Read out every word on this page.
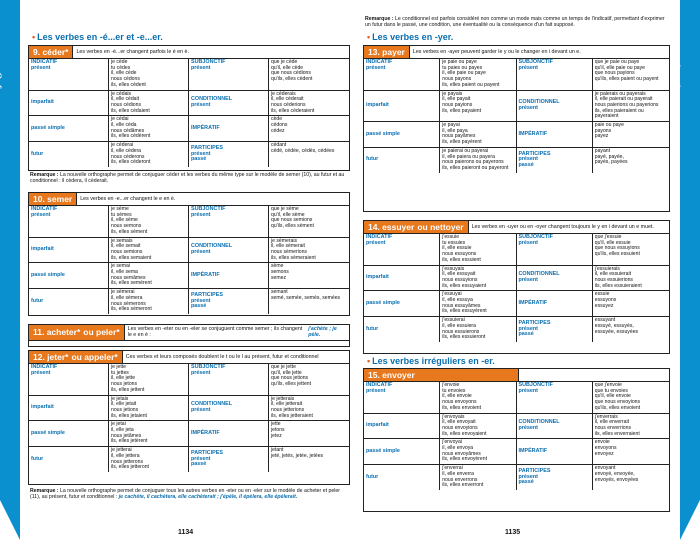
Conjugaisons
• Les verbes en -é...er et -e...er.
9. céder* Les verbes en -é...er changent parfois le é en è.
INDICATIF
présent
je cède
tu cèdes
il, elle cède
nous cédons
ils, elles cèdent
SUBJONCTIF
présent
que je cède
qu'il, elle cède
que nous cédions
qu'ils, elles cèdent
imparfait
je cédais
il, elle cédait
nous cédions
ils, elles cédaient
CONDITIONNEL
présent
je céderais
il, elle céderait
nous céderions
ils, elles céderaient
passé simple
je cédai
il, elle céda
nous cédâmes
ils, elles cédèrent
IMPÉRATIF
cède
cédons
cédez
futur
je céderai
il, elle cédera
nous céderons
ils, elles céderont
PARTICIPES
présent
passé
cédant
cédé, cédée, cédés, cédées
Remarque : La nouvelle orthographe permet de conjuguer céder et les verbes du même type sur le modèle de semer (10), au futur et au conditionnel : il cèdera, il cèderait.
10. semer Les verbes en -e...er changent le e en è.
INDICATIF
présent
je sème
tu sèmes
il, elle sème
nous semons
ils, elles sèment
SUBJONCTIF
présent
que je sème
qu'il, elle sème
que nous semions
qu'ils, elles sèment
imparfait
je semais
il, elle semait
nous semions
ils, elles semaient
CONDITIONNEL
présent
je sèmerais
il, elle sèmerait
nous sèmerions
ils, elles sèmeraient
passé simple
je semai
il, elle sema
nous semâmes
ils, elles semèrent
IMPÉRATIF
sème
semons
semez
futur
je sèmerai
il, elle sèmera
nous sèmerons
ils, elles sèmeront
PARTICIPES
présent
passé
semant
semé, semée, semés, semées
11. acheter* ou peler* Les verbes en -eter ou en -eler se conjuguent comme semer ; ils changent le e en è :
j'achète ; je pèle.
12. jeter* ou appeler* Ces verbes et leurs composés doublent le t ou le l au présent, futur et conditionnel
INDICATIF
présent
je jette
tu jettes
il, elle jette
nous jetons
ils, elles jettent
SUBJONCTIF
présent
que je jette
qu'il, elle jette
que nous jetions
qu'ils, elles jettent
imparfait
je jetais
il, elle jetait
nous jetions
ils, elles jetaient
CONDITIONNEL
présent
je jetterais
il, elle jetterait
nous jetterions
ils, elles jetteraient
passé simple
je jetai
il, elle jeta
nous jetâmes
ils, elles jetèrent
IMPÉRATIF
jette
jetons
jetez
futur
je jetterai
il, elle jettera
nous jetterons
ils, elles jetteront
PARTICIPES
présent
passé
jetant
jeté, jetés, jetée, jetées
Remarque : La nouvelle orthographe permet de conjuguer tous les autres verbes en -eter ou en -eler sur le modèle de acheter et peler (11), au présent, futur et conditionnel : je cachète, il cachètera, elle cachèterait ; j'épèle, il épèlera, elle épèlerait.
1134
Remarque : Le conditionnel est parfois considéré non comme un mode mais comme un temps de l'indicatif, permettant d'exprimer un futur dans le passé, une condition, une éventualité ou la conséquence d'un fait supposé.
• Les verbes en -yer.
13. payer Les verbes en -ayer peuvent garder le y ou le changer en i devant un e.
INDICATIF
présent
je paie ou paye
tu paies ou payes
il, elle paie ou paye
nous payons
ils, elles paient ou payent
SUBJONCTIF
présent
que je paie ou paye
qu'il, elle paie ou paye
que nous payions
qu'ils, elles paient ou payent
imparfait
je payais
il, elle payait
nous payions
ils, elles payaient
CONDITIONNEL
présent
je paierais ou payerais
il, elle paierait ou payerait
nous paierions ou payerions
ils, elles paieraient ou payeraient
passé simple
je payai
il, elle paya
nous payâmes
ils, elles payèrent
IMPÉRATIF
paie ou paye
payons
payez
futur
je paierai ou payerai
il, elle paiera ou payera
nous paierons ou payerons
ils, elles paieront ou payeront
PARTICIPES
présent
passé
payant
payé, payée,
payés, payées
14. essuyer ou nettoyer Les verbes en -uyer ou en -oyer changent toujours le y en i devant un e muet.
INDICATIF
présent
j'essuie
tu essuies
il, elle essuie
nous essuyons
ils, elles essuient
SUBJONCTIF
présent
que j'essuie
qu'il, elle essuie
que nous essuyions
qu'ils, elles essuient
imparfait
j'essuyais
il, elle essuyait
nous essuyions
ils, elles essuyaient
CONDITIONNEL
présent
j'essuierais
il, elle essuierait
nous essuierions
ils, elles essuieraient
passé simple
j'essuyai
il, elle essuya
nous essuyâmes
ils, elles essuyèrent
IMPÉRATIF
essuie
essuyons
essuyez
futur
j'essuierai
il, elle essuiera
nous essuierons
ils, elles essuieront
PARTICIPES
présent
passé
essuyant
essuyé, essuyés,
essuyée, essuyées
• Les verbes irréguliers en -er.
15. envoyer
INDICATIF
présent
j'envoie
tu envoies
il, elle envoie
nous envoyons
ils, elles envoient
SUBJONCTIF
présent
que j'envoie
que tu envoies
qu'il, elle envoie
que nous envoyions
qu'ils, elles envoient
imparfait
j'envoyais
il, elle envoyait
nous envoyions
ils, elles envoyaient
CONDITIONNEL
présent
j'enverrais
il, elle enverrait
nous enverrions
ils, elles enverraient
passé simple
j'envoyai
il, elle envoya
nous envoyâmes
ils, elles envoyèrent
IMPÉRATIF
envoie
envoyons
envoyez
futur
j'enverrai
il, elle enverra
nous enverrons
ils, elles enverront
PARTICIPES
présent
passé
envoyant
envoyé, envoyée,
envoyés, envoyées
1135
